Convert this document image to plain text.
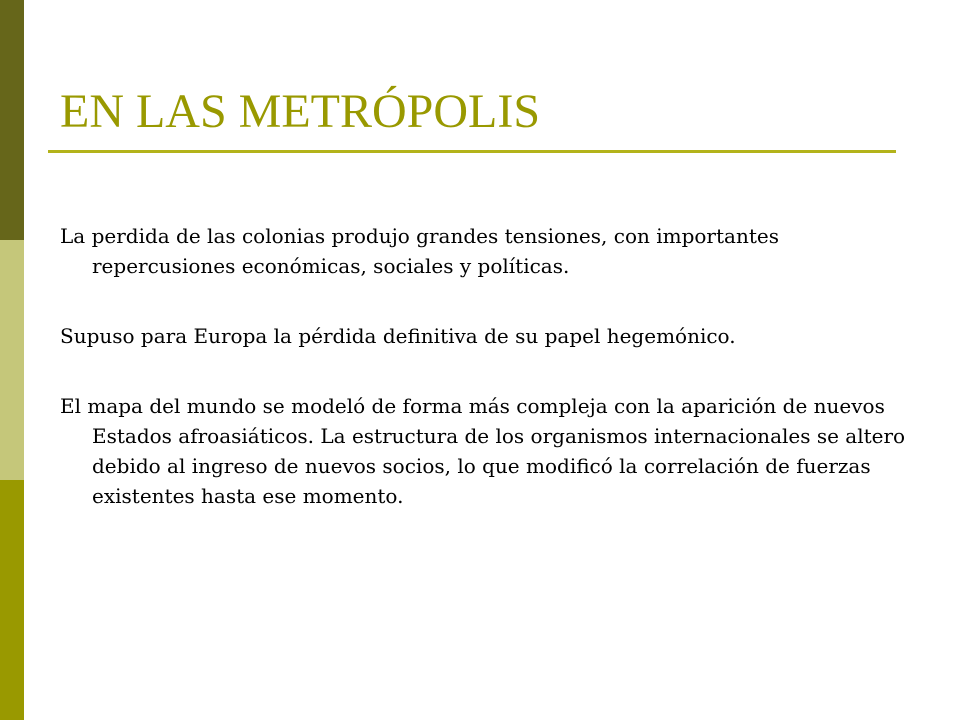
EN LAS METRÓPOLIS
La perdida de las colonias produjo grandes tensiones, con importantes repercusiones económicas, sociales y políticas.
Supuso para Europa la pérdida definitiva de su papel hegemónico.
El mapa del mundo se modeló de forma más compleja con la aparición de nuevos Estados afroasiáticos. La estructura de los organismos internacionales se altero debido al ingreso de nuevos socios, lo que modificó la correlación de fuerzas existentes hasta ese momento.
